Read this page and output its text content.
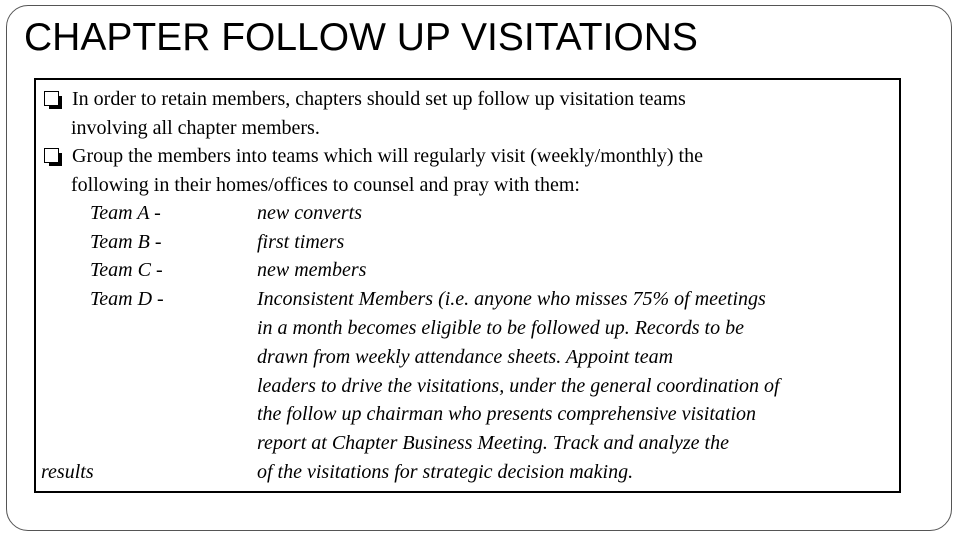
CHAPTER FOLLOW UP VISITATIONS

In order to retain members, chapters should set up follow up visitation teams

involving all chapter members.

Group the members into teams which will regularly visit (weekly/monthly) the

following in their homes/offices to counsel and pray with them:

Team A -	new converts

Team B -	first timers

Team C -	new members

Team D -	Inconsistent Members (i.e. anyone who misses 75% of meetings

in a month becomes eligible to be followed up. Records to be

drawn from weekly attendance sheets. Appoint team

leaders to drive the visitations, under the general coordination of

the follow up chairman who presents comprehensive visitation

report at Chapter Business Meeting. Track and analyze the

of the visitations for strategic decision making.

results
